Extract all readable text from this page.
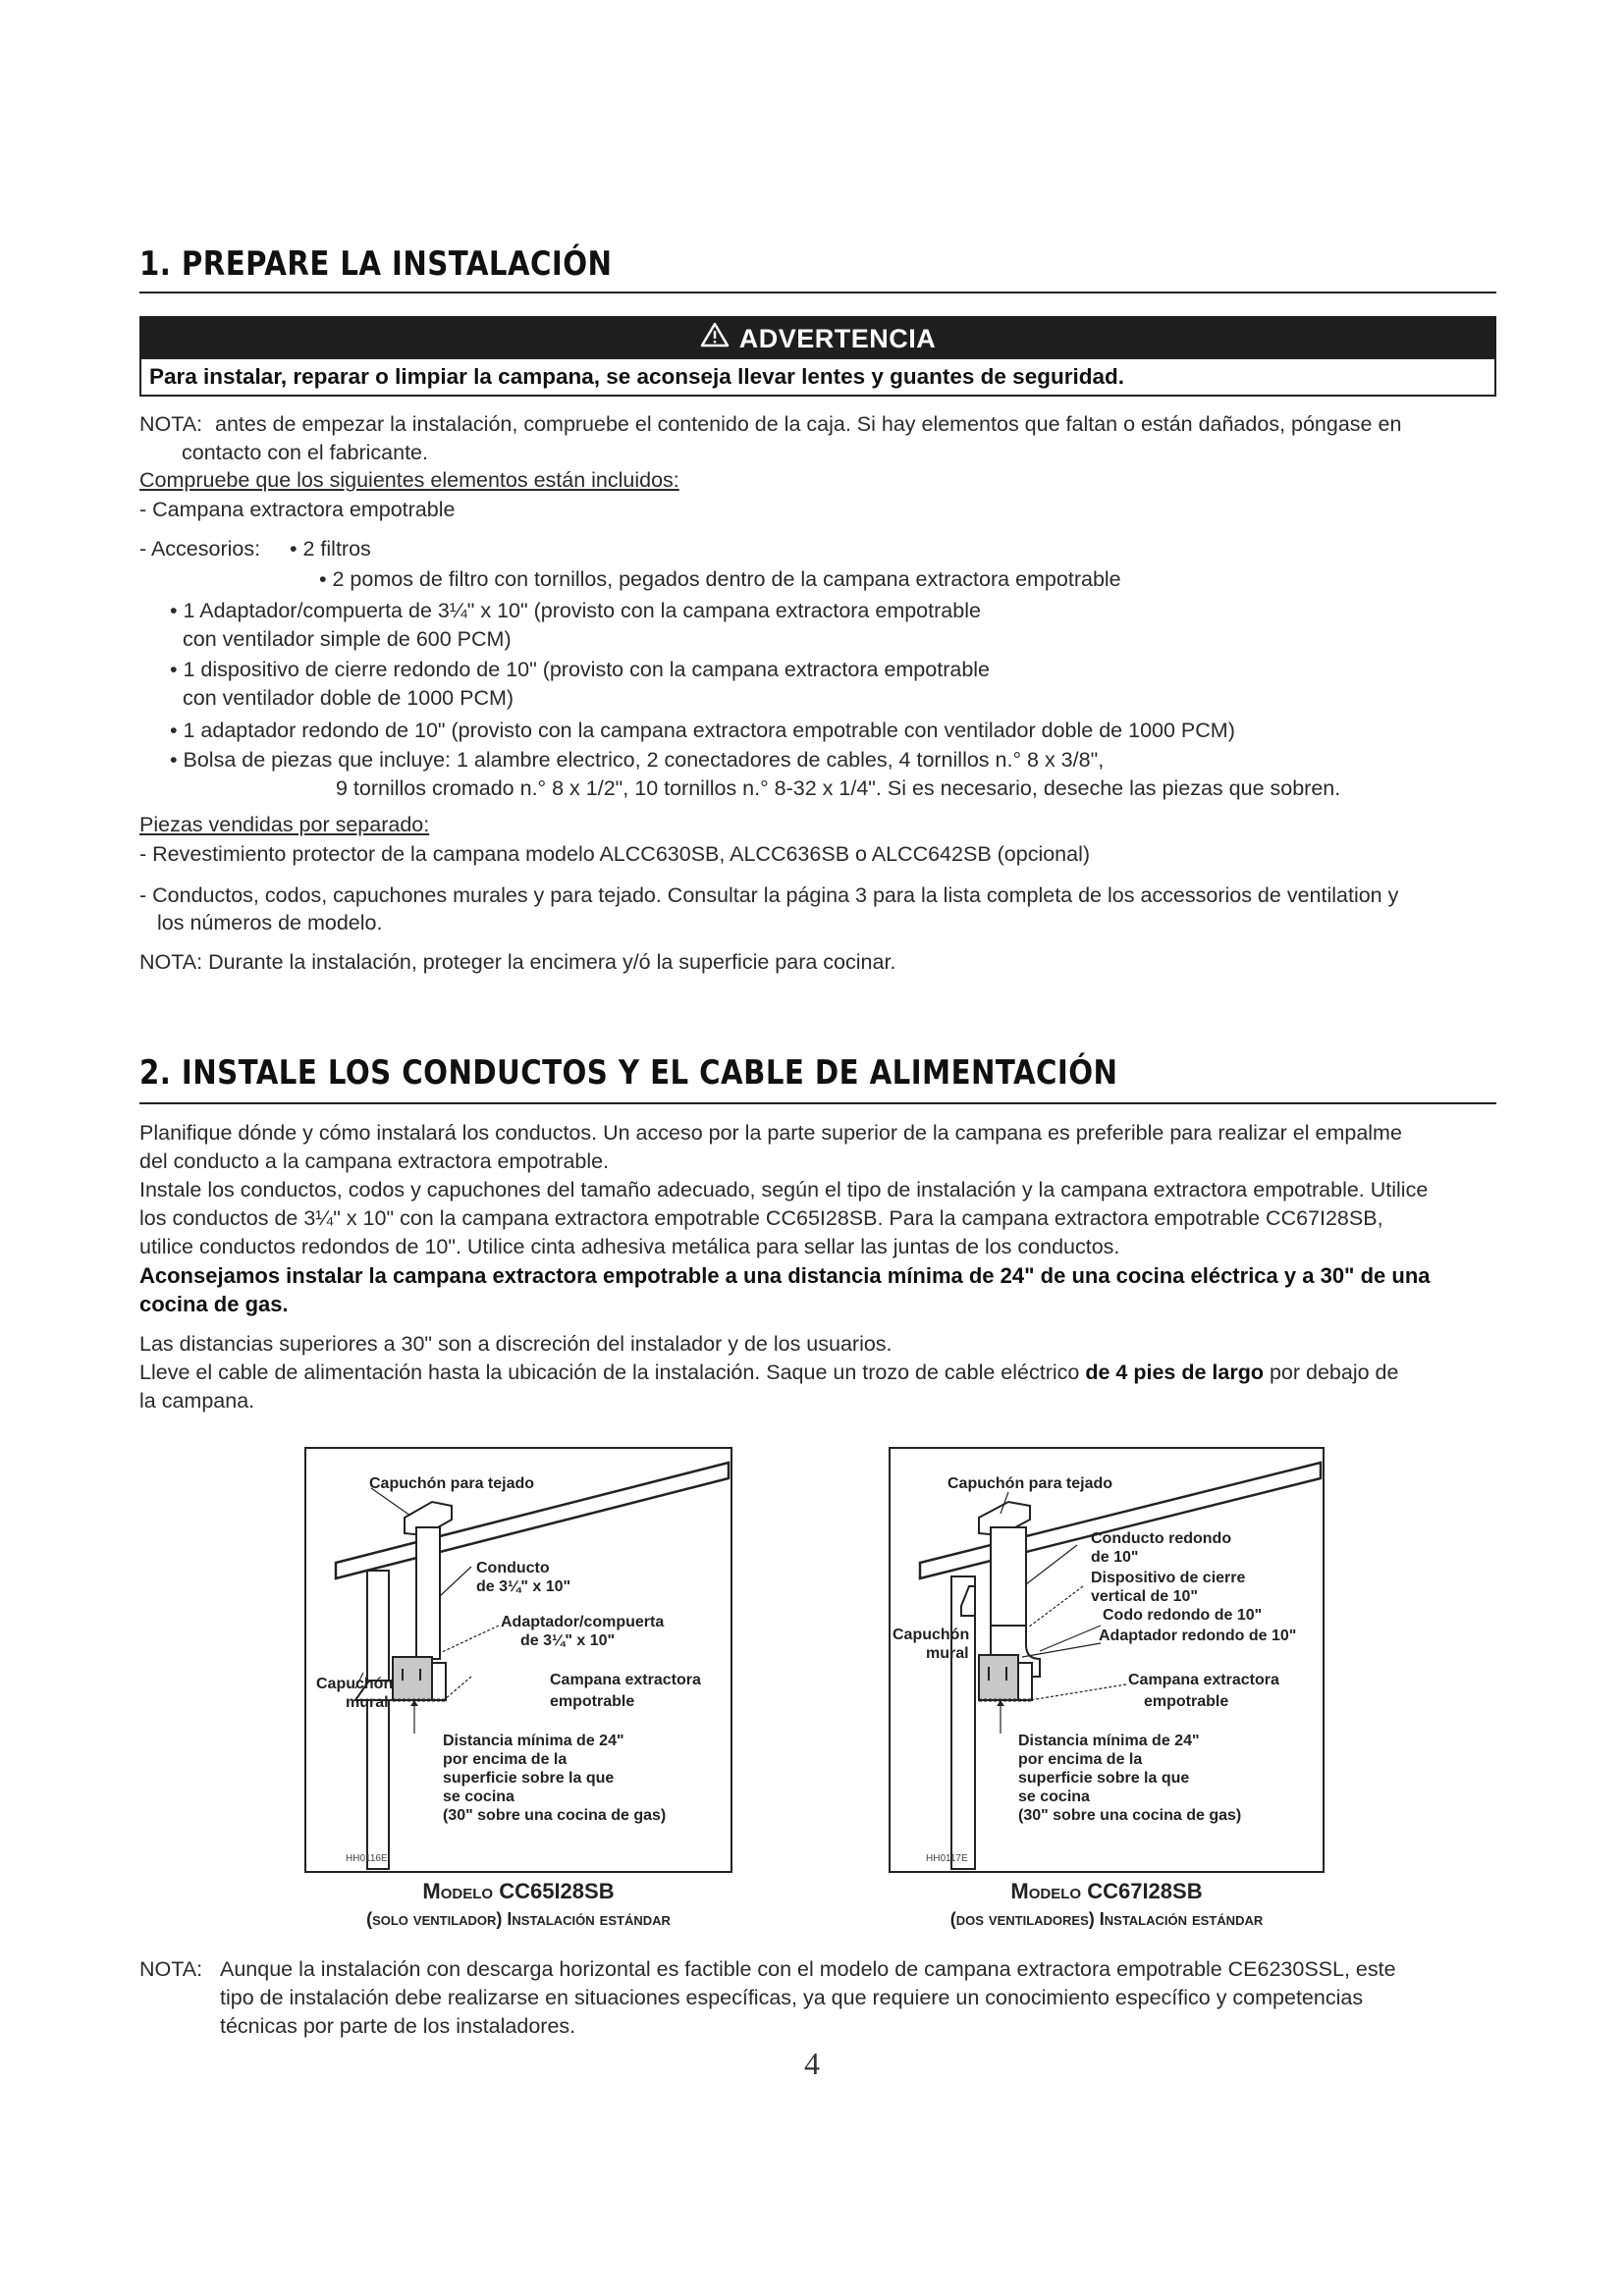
1. PREPARE LA INSTALACIÓN
ADVERTENCIA
Para instalar, reparar o limpiar la campana, se aconseja llevar lentes y guantes de seguridad.
NOTA: antes de empezar la instalación, compruebe el contenido de la caja. Si hay elementos que faltan o están dañados, póngase en
contacto con el fabricante.
Compruebe que los siguientes elementos están incluidos:
- Campana extractora empotrable
- Accesorios: • 2 filtros
• 2 pomos de filtro con tornillos, pegados dentro de la campana extractora empotrable
• 1 Adaptador/compuerta de 3¼" x 10" (provisto con la campana extractora empotrable
con ventilador simple de 600 PCM)
• 1 dispositivo de cierre redondo de 10" (provisto con la campana extractora empotrable
con ventilador doble de 1000 PCM)
• 1 adaptador redondo de 10" (provisto con la campana extractora empotrable con ventilador doble de 1000 PCM)
• Bolsa de piezas que incluye: 1 alambre electrico, 2 conectadores de cables, 4 tornillos n.° 8 x 3/8",
9 tornillos cromado n.° 8 x 1/2", 10 tornillos n.° 8-32 x 1/4". Si es necesario, deseche las piezas que sobren.
Piezas vendidas por separado:
- Revestimiento protector de la campana modelo ALCC630SB, ALCC636SB o ALCC642SB (opcional)
- Conductos, codos, capuchones murales y para tejado. Consultar la página 3 para la lista completa de los accessorios de ventilation y
los números de modelo.
NOTA: Durante la instalación, proteger la encimera y/ó la superficie para cocinar.
2. INSTALE LOS CONDUCTOS Y EL CABLE DE ALIMENTACIÓN
Planifique dónde y cómo instalará los conductos. Un acceso por la parte superior de la campana es preferible para realizar el empalme
del conducto a la campana extractora empotrable.
Instale los conductos, codos y capuchones del tamaño adecuado, según el tipo de instalación y la campana extractora empotrable. Utilice
los conductos de 3¼" x 10" con la campana extractora empotrable CC65I28SB. Para la campana extractora empotrable CC67I28SB,
utilice conductos redondos de 10". Utilice cinta adhesiva metálica para sellar las juntas de los conductos.
Aconsejamos instalar la campana extractora empotrable a una distancia mínima de 24" de una cocina eléctrica y a 30" de una
cocina de gas.
Las distancias superiores a 30" son a discreción del instalador y de los usuarios.
Lleve el cable de alimentación hasta la ubicación de la instalación. Saque un trozo de cable eléctrico de 4 pies de largo por debajo de
la campana.
Capuchón para tejado
Conducto
de 3¼" x 10"
Adaptador/compuerta
de 3¼" x 10"
Capuchón
mural
Campana extractora
empotrable
Distancia mínima de 24"
por encima de la
superficie sobre la que
se cocina
(30" sobre una cocina de gas)
HH0116E
Modelo CC65I28SB
(solo ventilador) Instalación estándar
Capuchón para tejado
Conducto redondo
de 10"
Dispositivo de cierre
vertical de 10"
Codo redondo de 10"
Adaptador redondo de 10"
Capuchón
mural
Campana extractora
empotrable
Distancia mínima de 24"
por encima de la
superficie sobre la que
se cocina
(30" sobre una cocina de gas)
HH0117E
Modelo CC67I28SB
(dos ventiladores) Instalación estándar
NOTA: Aunque la instalación con descarga horizontal es factible con el modelo de campana extractora empotrable CE6230SSL, este
tipo de instalación debe realizarse en situaciones específicas, ya que requiere un conocimiento específico y competencias
técnicas por parte de los instaladores.
4
